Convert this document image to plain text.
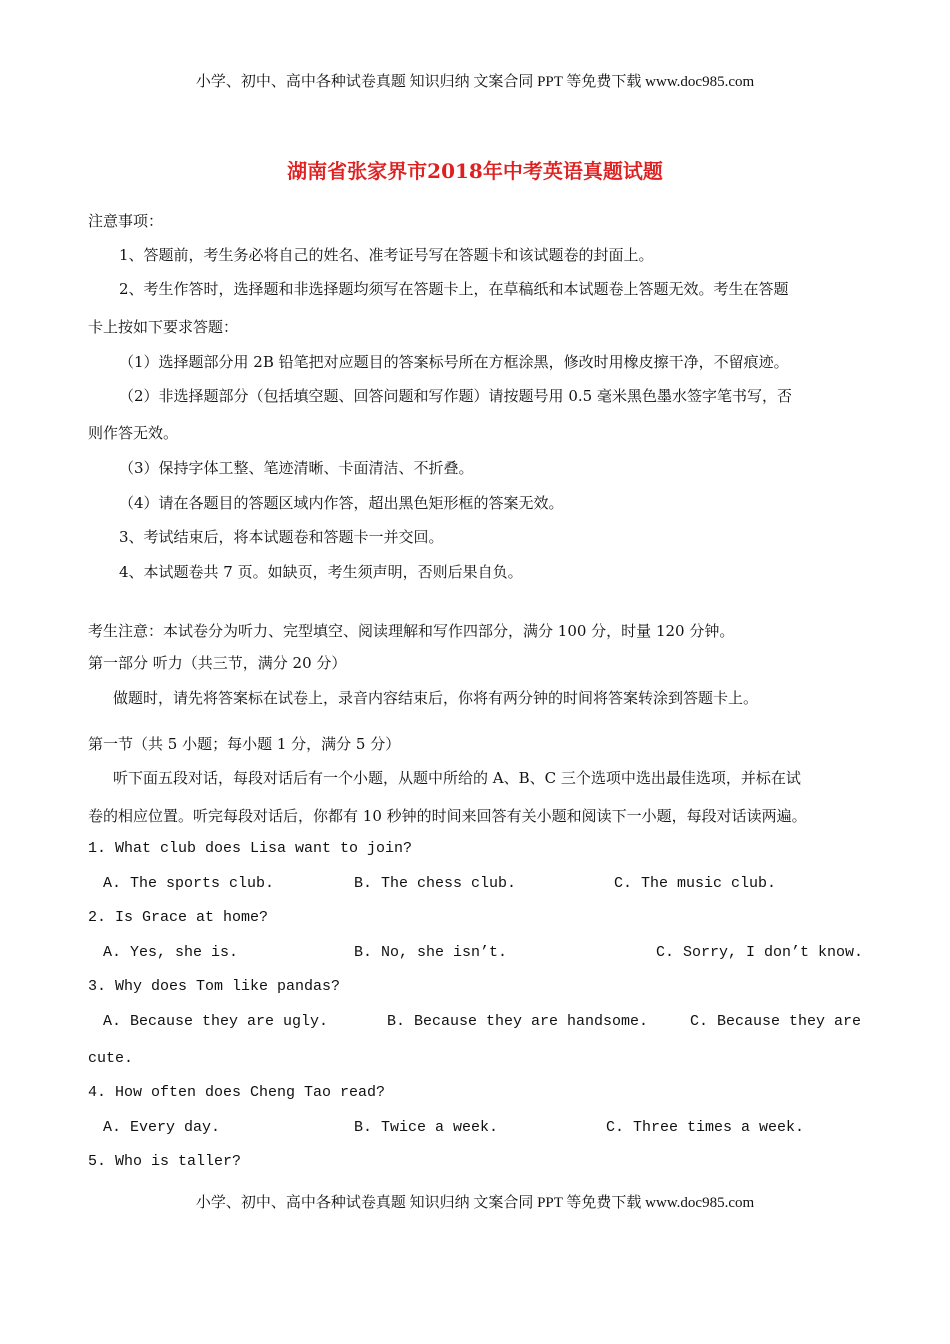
小学、初中、高中各种试卷真题 知识归纳 文案合同 PPT 等免费下载 www.doc985.com
湖南省张家界市2018年中考英语真题试题
注意事项：
1、答题前，考生务必将自己的姓名、准考证号写在答题卡和该试题卷的封面上。
2、考生作答时，选择题和非选择题均须写在答题卡上，在草稿纸和本试题卷上答题无效。考生在答题
卡上按如下要求答题：
（1）选择题部分用 2B 铅笔把对应题目的答案标号所在方框涂黑，修改时用橡皮擦干净，不留痕迹。
（2）非选择题部分（包括填空题、回答问题和写作题）请按题号用 0.5 毫米黑色墨水签字笔书写，否
则作答无效。
（3）保持字体工整、笔迹清晰、卡面清洁、不折叠。
（4）请在各题目的答题区域内作答，超出黑色矩形框的答案无效。
3、考试结束后，将本试题卷和答题卡一并交回。
4、本试题卷共 7 页。如缺页，考生须声明，否则后果自负。
考生注意：本试卷分为听力、完型填空、阅读理解和写作四部分，满分 100 分，时量 120 分钟。
第一部分 听力（共三节，满分 20 分）
做题时，请先将答案标在试卷上，录音内容结束后，你将有两分钟的时间将答案转涂到答题卡上。
第一节（共 5 小题；每小题 1 分，满分 5 分）
听下面五段对话，每段对话后有一个小题，从题中所给的 A、B、C 三个选项中选出最佳选项，并标在试
卷的相应位置。听完每段对话后，你都有 10 秒钟的时间来回答有关小题和阅读下一小题，每段对话读两遍。
1. What club does Lisa want to join?
A. The sports club.	B. The chess club.	C. The music club.
2. Is Grace at home?
A. Yes, she is.	B. No, she isn’t.	C. Sorry, I don’t know.
3. Why does Tom like pandas?
A. Because they are ugly.	B. Because they are handsome.	C. Because they are
cute.
4. How often does Cheng Tao read?
A. Every day.	B. Twice a week.	C. Three times a week.
5. Who is taller?
小学、初中、高中各种试卷真题 知识归纳 文案合同 PPT 等免费下载 www.doc985.com
